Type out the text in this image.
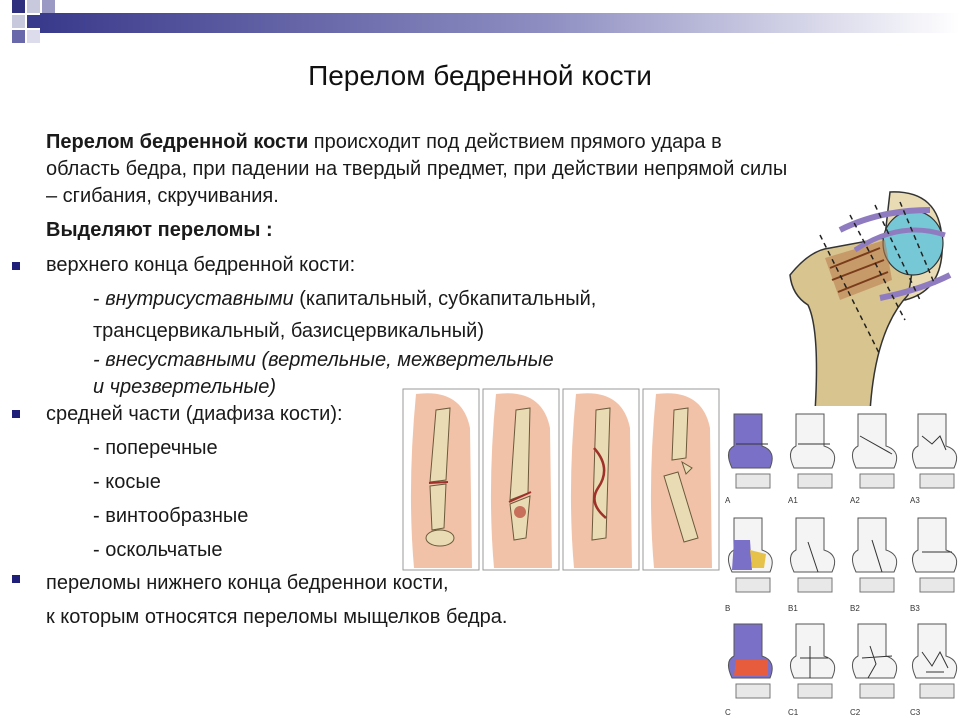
Перелом бедренной кости
Перелом бедренной кости происходит под действием прямого удара в
область бедра, при падении на твердый предмет, при действии непрямой силы
– сгибания, скручивания.
Выделяют переломы :
верхнего конца бедренной кости:
- внутрисуставными (капитальный, субкапитальный,
трансцервикальный, базисцервикальный)
- внесуставными (вертельные, межвертельные
и чрезвертельные)
средней части (диафиза кости):
- поперечные
- косые
- винтообразные
- оскольчатые
переломы нижнего конца бедреннои кости,
к которым относятся переломы мыщелков бедра.
A	A1	A2	A3
B	B1	B2	B3
C	C1	C2	C3
